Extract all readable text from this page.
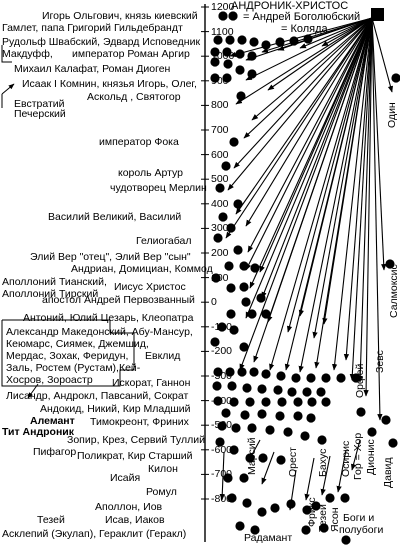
АНДРОНИК-ХРИСТОС
= Андрей Боголюбский
= Коляда
1200
1100
1000
900
800
700
600
500
400
300
200
100
0
-100
-200
-300
-400
-500
-600
-700
-800
Игорь Ольгович, князь киевский
Гамлет, папа Григорий Гильдебрандт
Рудольф Швабский, Эдвард Исповедник
Макдуфф, император Роман Аргир
Михаил Калафат, Роман Диоген
Исаак I Комнин, князья Игорь, Олег,
Евстратий
Печерский
Аскольд , Святогор
император Фока
король Артур
чудотворец Мерлин
Василий Великий, Василий
Гелиогабал
Элий Вер "отец", Элий Вер "сын"
Андриан, Домициан, Коммод
Аполлоний Тианский,
Аполлоний Тирский
Иисус Христос
апостол Андрей Первозванный
Антоний, Юлий Цезарь, Клеопатра
Александр Македонский, Абу-Мансур,
Кеюмарс, Сиямек, Джемшид,
Мердас, Зохак, Феридун,
Заль, Ростем (Рустам),Кей-
Хосров, Зороастр
Евклид
Искорат, Ганнон
Лисандр, Андрокл, Павсаний, Сократ
Андокид, Никий, Кир Младший
Алемант Тимокреонт, Фриних
Тит Андроник
Зопир, Крез, Сервий Туллий
Пифагор Поликрат, Кир Старший
Килон
Исайя
Ромул
Аполлон, Иов
Тезей	Исав, Иаков
Асклепий (Экулап), Гераклит (Геракл)
Один
Салмоксис
Зевс
Орфей
Дионис Давид
Марсий	Орест Бахус Осирис Гор = Хор
Фрикс Тезей Ясон Боги и
полубоги
Радамант
